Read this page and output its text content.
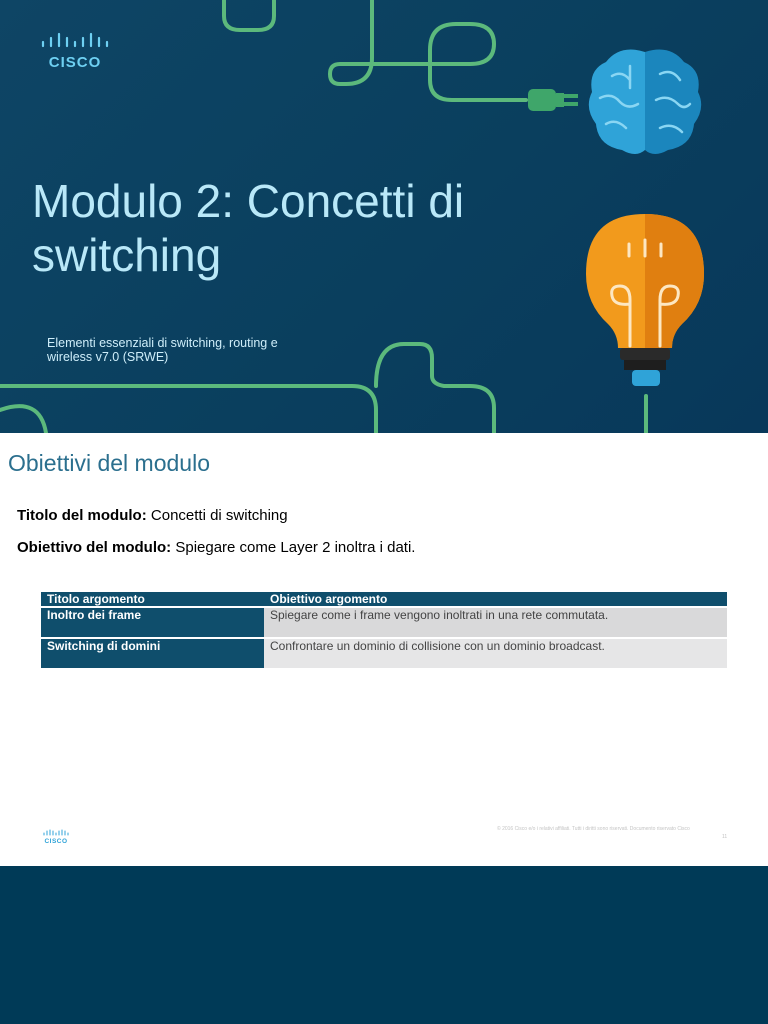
CISCO
Modulo 2: Concetti di switching
Elementi essenziali di switching, routing e wireless v7.0 (SRWE)
Obiettivi del modulo
Titolo del modulo: Concetti di switching
Obiettivo del modulo: Spiegare come Layer 2 inoltra i dati.
Titolo argomento	Obiettivo argomento
Inoltro dei frame	Spiegare come i frame vengono inoltrati in una rete commutata.
Switching di domini	Confrontare un dominio di collisione con un dominio broadcast.
CISCO
© 2016 Cisco e/o i relativi affiliati. Tutti i diritti sono riservati. Documento riservato Cisco
11
